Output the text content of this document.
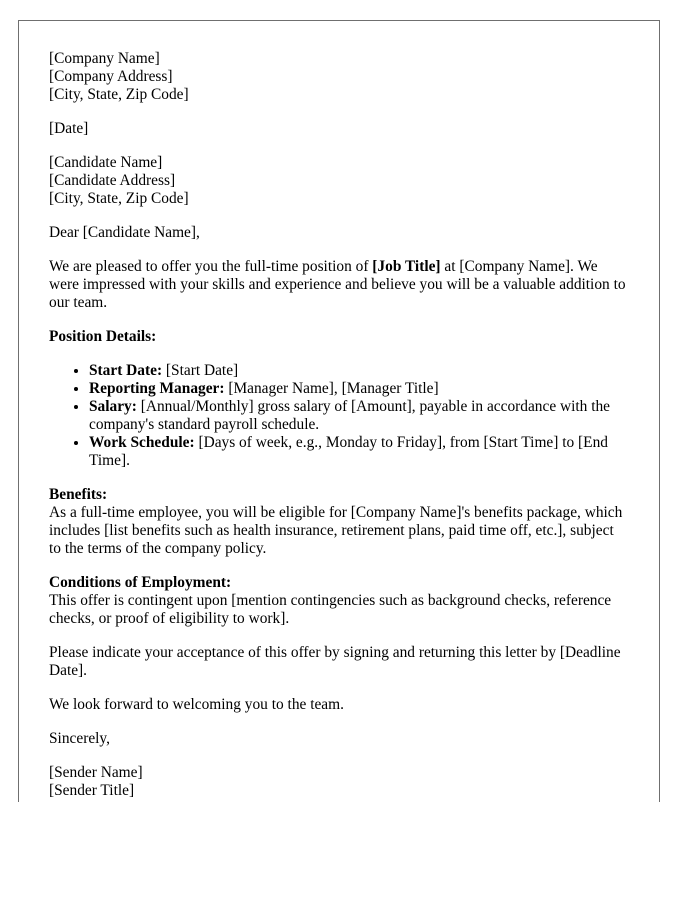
[Company Name]
[Company Address]
[City, State, Zip Code]

[Date]

[Candidate Name]
[Candidate Address]
[City, State, Zip Code]

Dear [Candidate Name],

We are pleased to offer you the full-time position of [Job Title] at [Company Name]. We were impressed with your skills and experience and believe you will be a valuable addition to our team.

Position Details:

• Start Date: [Start Date]
• Reporting Manager: [Manager Name], [Manager Title]
• Salary: [Annual/Monthly] gross salary of [Amount], payable in accordance with the company's standard payroll schedule.
• Work Schedule: [Days of week, e.g., Monday to Friday], from [Start Time] to [End Time].
Benefits:
As a full-time employee, you will be eligible for [Company Name]'s benefits package, which includes [list benefits such as health insurance, retirement plans, paid time off, etc.], subject to the terms of the company policy.
Conditions of Employment:
This offer is contingent upon [mention contingencies such as background checks, reference checks, or proof of eligibility to work].

Please indicate your acceptance of this offer by signing and returning this letter by [Deadline Date].

We look forward to welcoming you to the team.

Sincerely,

[Sender Name]
[Sender Title]
